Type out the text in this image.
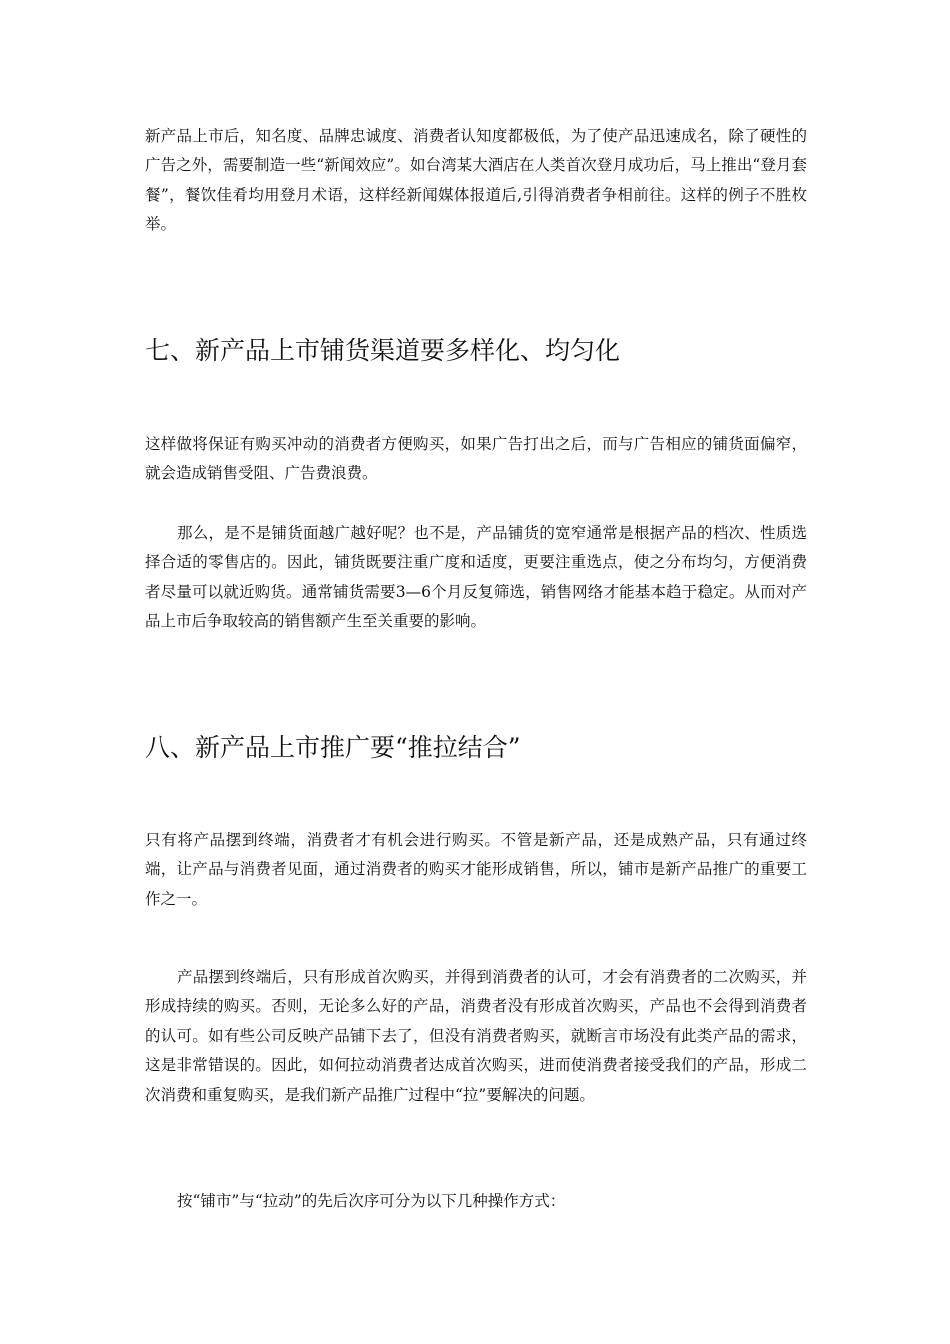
新产品上市后，知名度、品牌忠诚度、消费者认知度都极低，为了使产品迅速成名，除了硬性的广告之外，需要制造一些“新闻效应”。如台湾某大酒店在人类首次登月成功后，马上推出“登月套餐”，餐饮佳肴均用登月术语，这样经新闻媒体报道后,引得消费者争相前往。这样的例子不胜枚举。

七、新产品上市铺货渠道要多样化、均匀化

这样做将保证有购买冲动的消费者方便购买，如果广告打出之后，而与广告相应的铺货面偏窄，就会造成销售受阻、广告费浪费。

那么，是不是铺货面越广越好呢？也不是，产品铺货的宽窄通常是根据产品的档次、性质选择合适的零售店的。因此，铺货既要注重广度和适度，更要注重选点，使之分布均匀，方便消费者尽量可以就近购货。通常铺货需要3—6个月反复筛选，销售网络才能基本趋于稳定。从而对产品上市后争取较高的销售额产生至关重要的影响。

八、新产品上市推广要“推拉结合”

只有将产品摆到终端，消费者才有机会进行购买。不管是新产品，还是成熟产品，只有通过终端，让产品与消费者见面，通过消费者的购买才能形成销售，所以，铺市是新产品推广的重要工作之一。

产品摆到终端后，只有形成首次购买，并得到消费者的认可，才会有消费者的二次购买，并形成持续的购买。否则，无论多么好的产品，消费者没有形成首次购买，产品也不会得到消费者的认可。如有些公司反映产品铺下去了，但没有消费者购买，就断言市场没有此类产品的需求，这是非常错误的。因此，如何拉动消费者达成首次购买，进而使消费者接受我们的产品，形成二次消费和重复购买，是我们新产品推广过程中“拉”要解决的问题。

按“铺市”与“拉动”的先后次序可分为以下几种操作方式：
